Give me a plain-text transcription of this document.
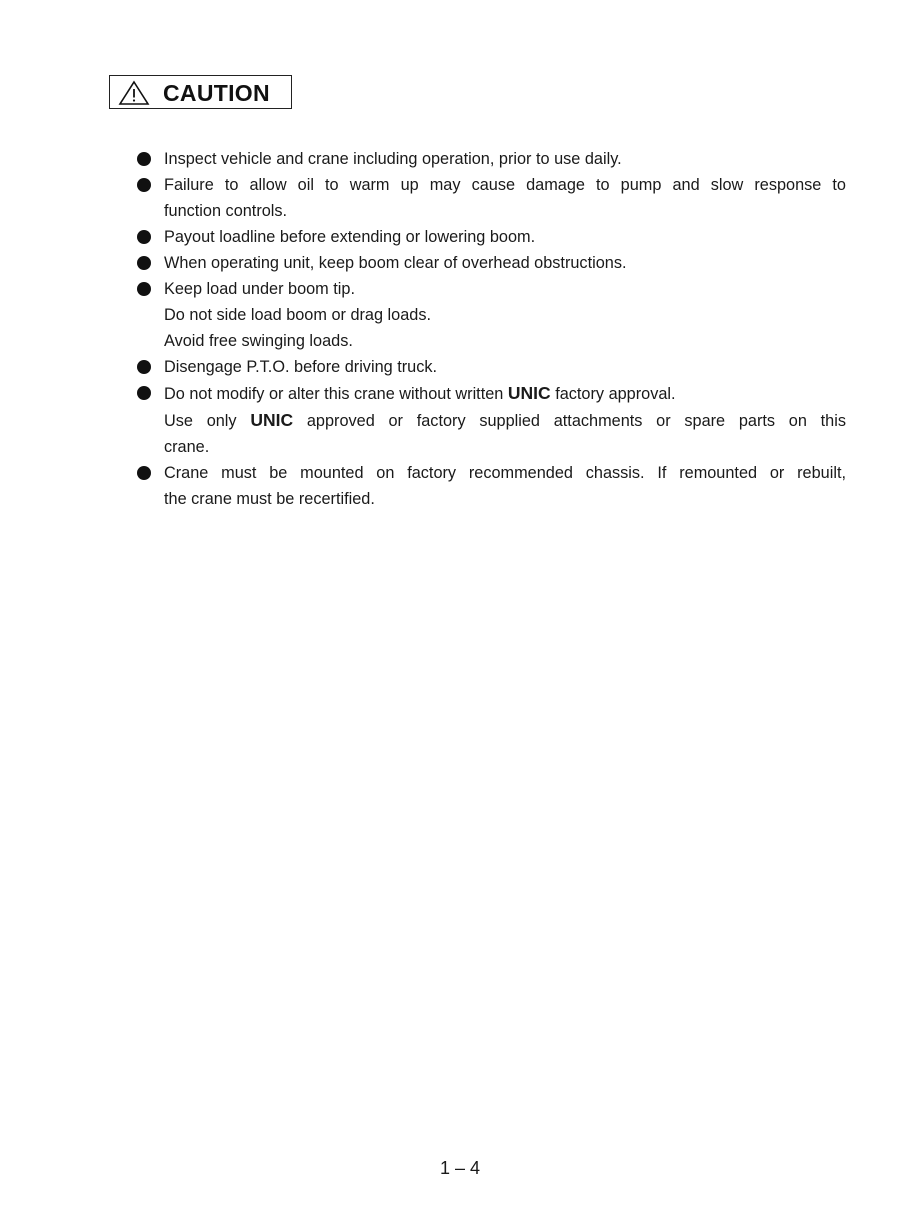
CAUTION
Inspect vehicle and crane including operation, prior to use daily.
Failure to allow oil to warm up may cause damage to pump and slow response to
function controls.
Payout loadline before extending or lowering boom.
When operating unit, keep boom clear of overhead obstructions.
Keep load under boom tip.
Do not side load boom or drag loads.
Avoid free swinging loads.
Disengage P.T.O. before driving truck.
Do not modify or alter this crane without written UNIC factory approval.
Use only UNIC approved or factory supplied attachments or spare parts on this
crane.
Crane must be mounted on factory recommended chassis. If remounted or rebuilt,
the crane must be recertified.
1 – 4
